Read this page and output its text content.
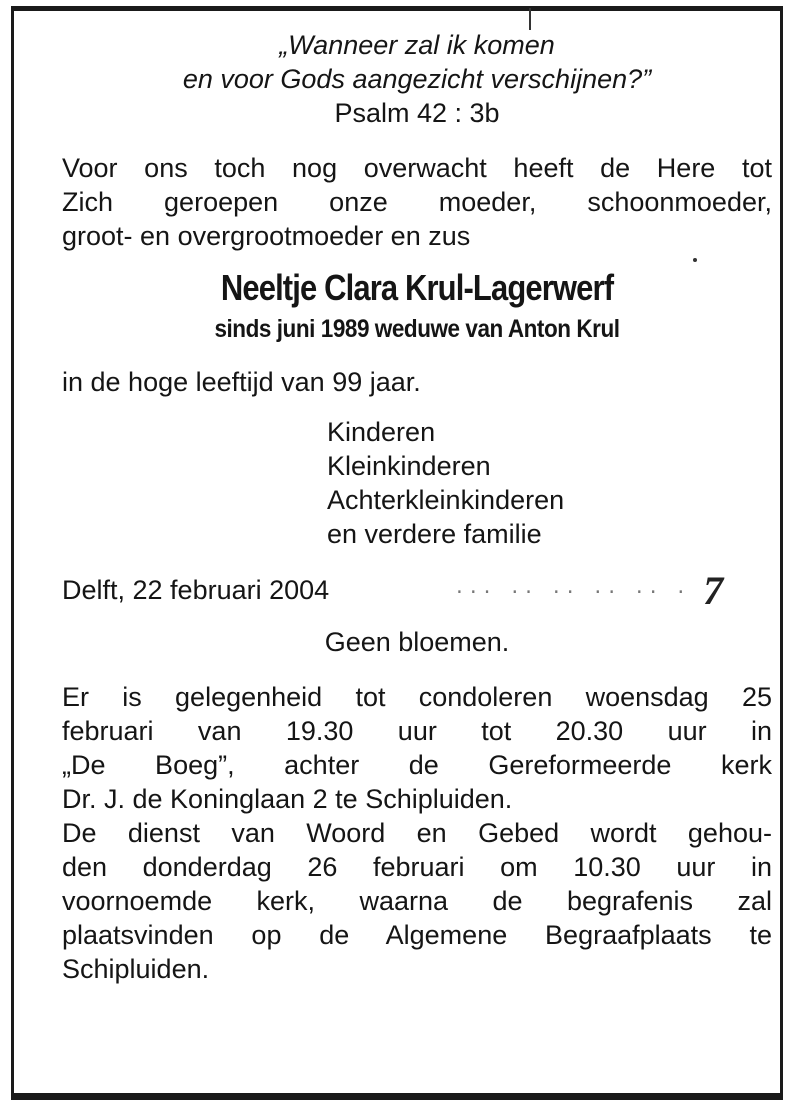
„Wanneer zal ik komen
en voor Gods aangezicht verschijnen?”
Psalm 42 : 3b
Voor ons toch nog overwacht heeft de Here tot
Zich geroepen onze moeder, schoonmoeder,
groot- en overgrootmoeder en zus
Neeltje Clara Krul-Lagerwerf
sinds juni 1989 weduwe van Anton Krul
in de hoge leeftijd van 99 jaar.
Kinderen
Kleinkinderen
Achterkleinkinderen
en verdere familie
Delft, 22 februari 2004	··· ·· ·· ·· ·· · 7
Geen bloemen.
Er is gelegenheid tot condoleren woensdag 25
februari van 19.30 uur tot 20.30 uur in
„De Boeg”, achter de Gereformeerde kerk
Dr. J. de Koninglaan 2 te Schipluiden.
De dienst van Woord en Gebed wordt gehou-
den donderdag 26 februari om 10.30 uur in
voornoemde kerk, waarna de begrafenis zal
plaatsvinden op de Algemene Begraafplaats te
Schipluiden.
